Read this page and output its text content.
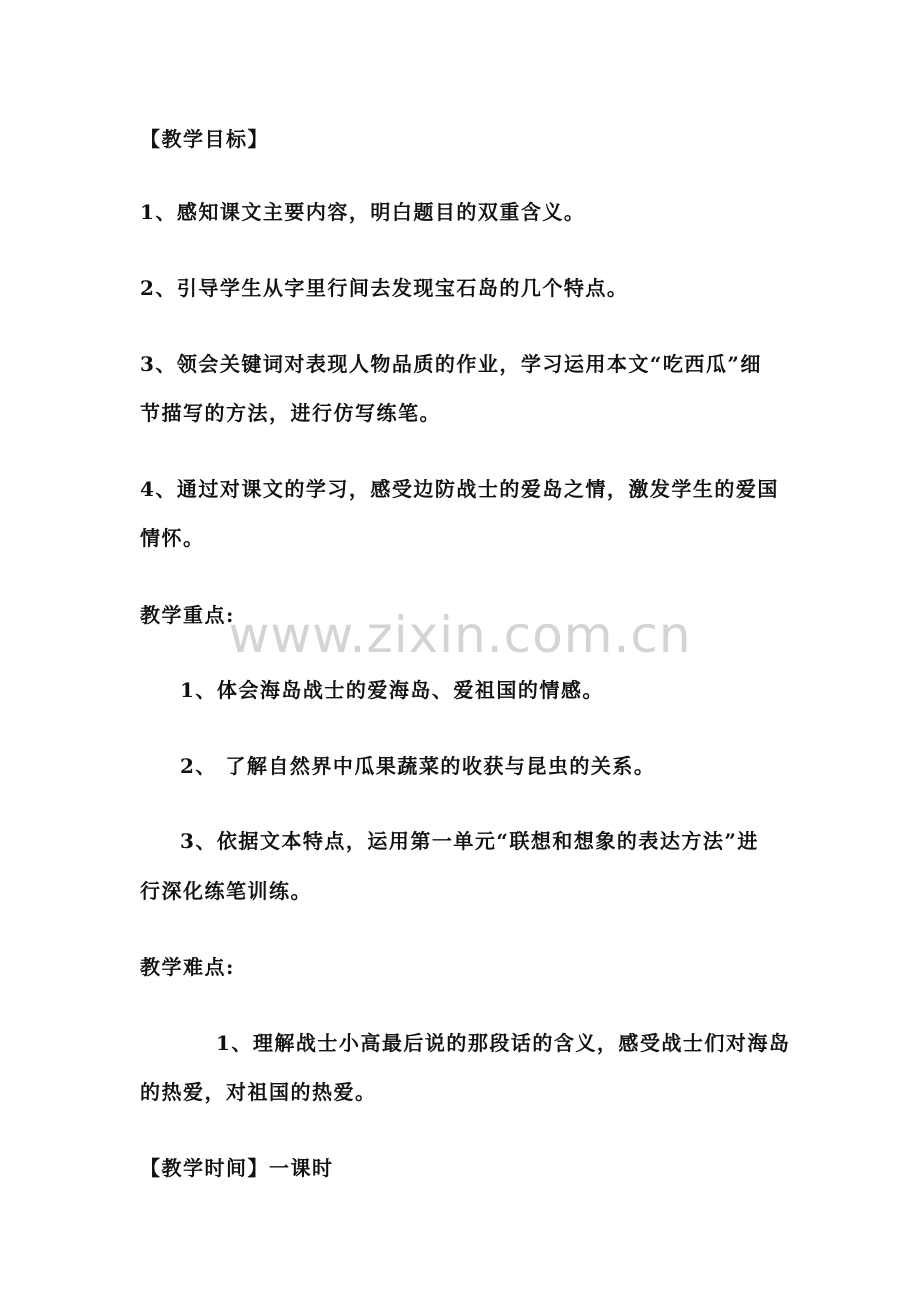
【教学目标】
1、感知课文主要内容，明白题目的双重含义。
2、引导学生从字里行间去发现宝石岛的几个特点。
3、领会关键词对表现人物品质的作业，学习运用本文“吃西瓜”细
节描写的方法，进行仿写练笔。
4、通过对课文的学习，感受边防战士的爱岛之情，激发学生的爱国
情怀。
教学重点:
1、体会海岛战士的爱海岛、爱祖国的情感。
2、 了解自然界中瓜果蔬菜的收获与昆虫的关系。
3、依据文本特点，运用第一单元“联想和想象的表达方法”进
行深化练笔训练。
教学难点:
1、理解战士小高最后说的那段话的含义，感受战士们对海岛
的热爱，对祖国的热爱。
【教学时间】一课时
www.zixin.com.cn
